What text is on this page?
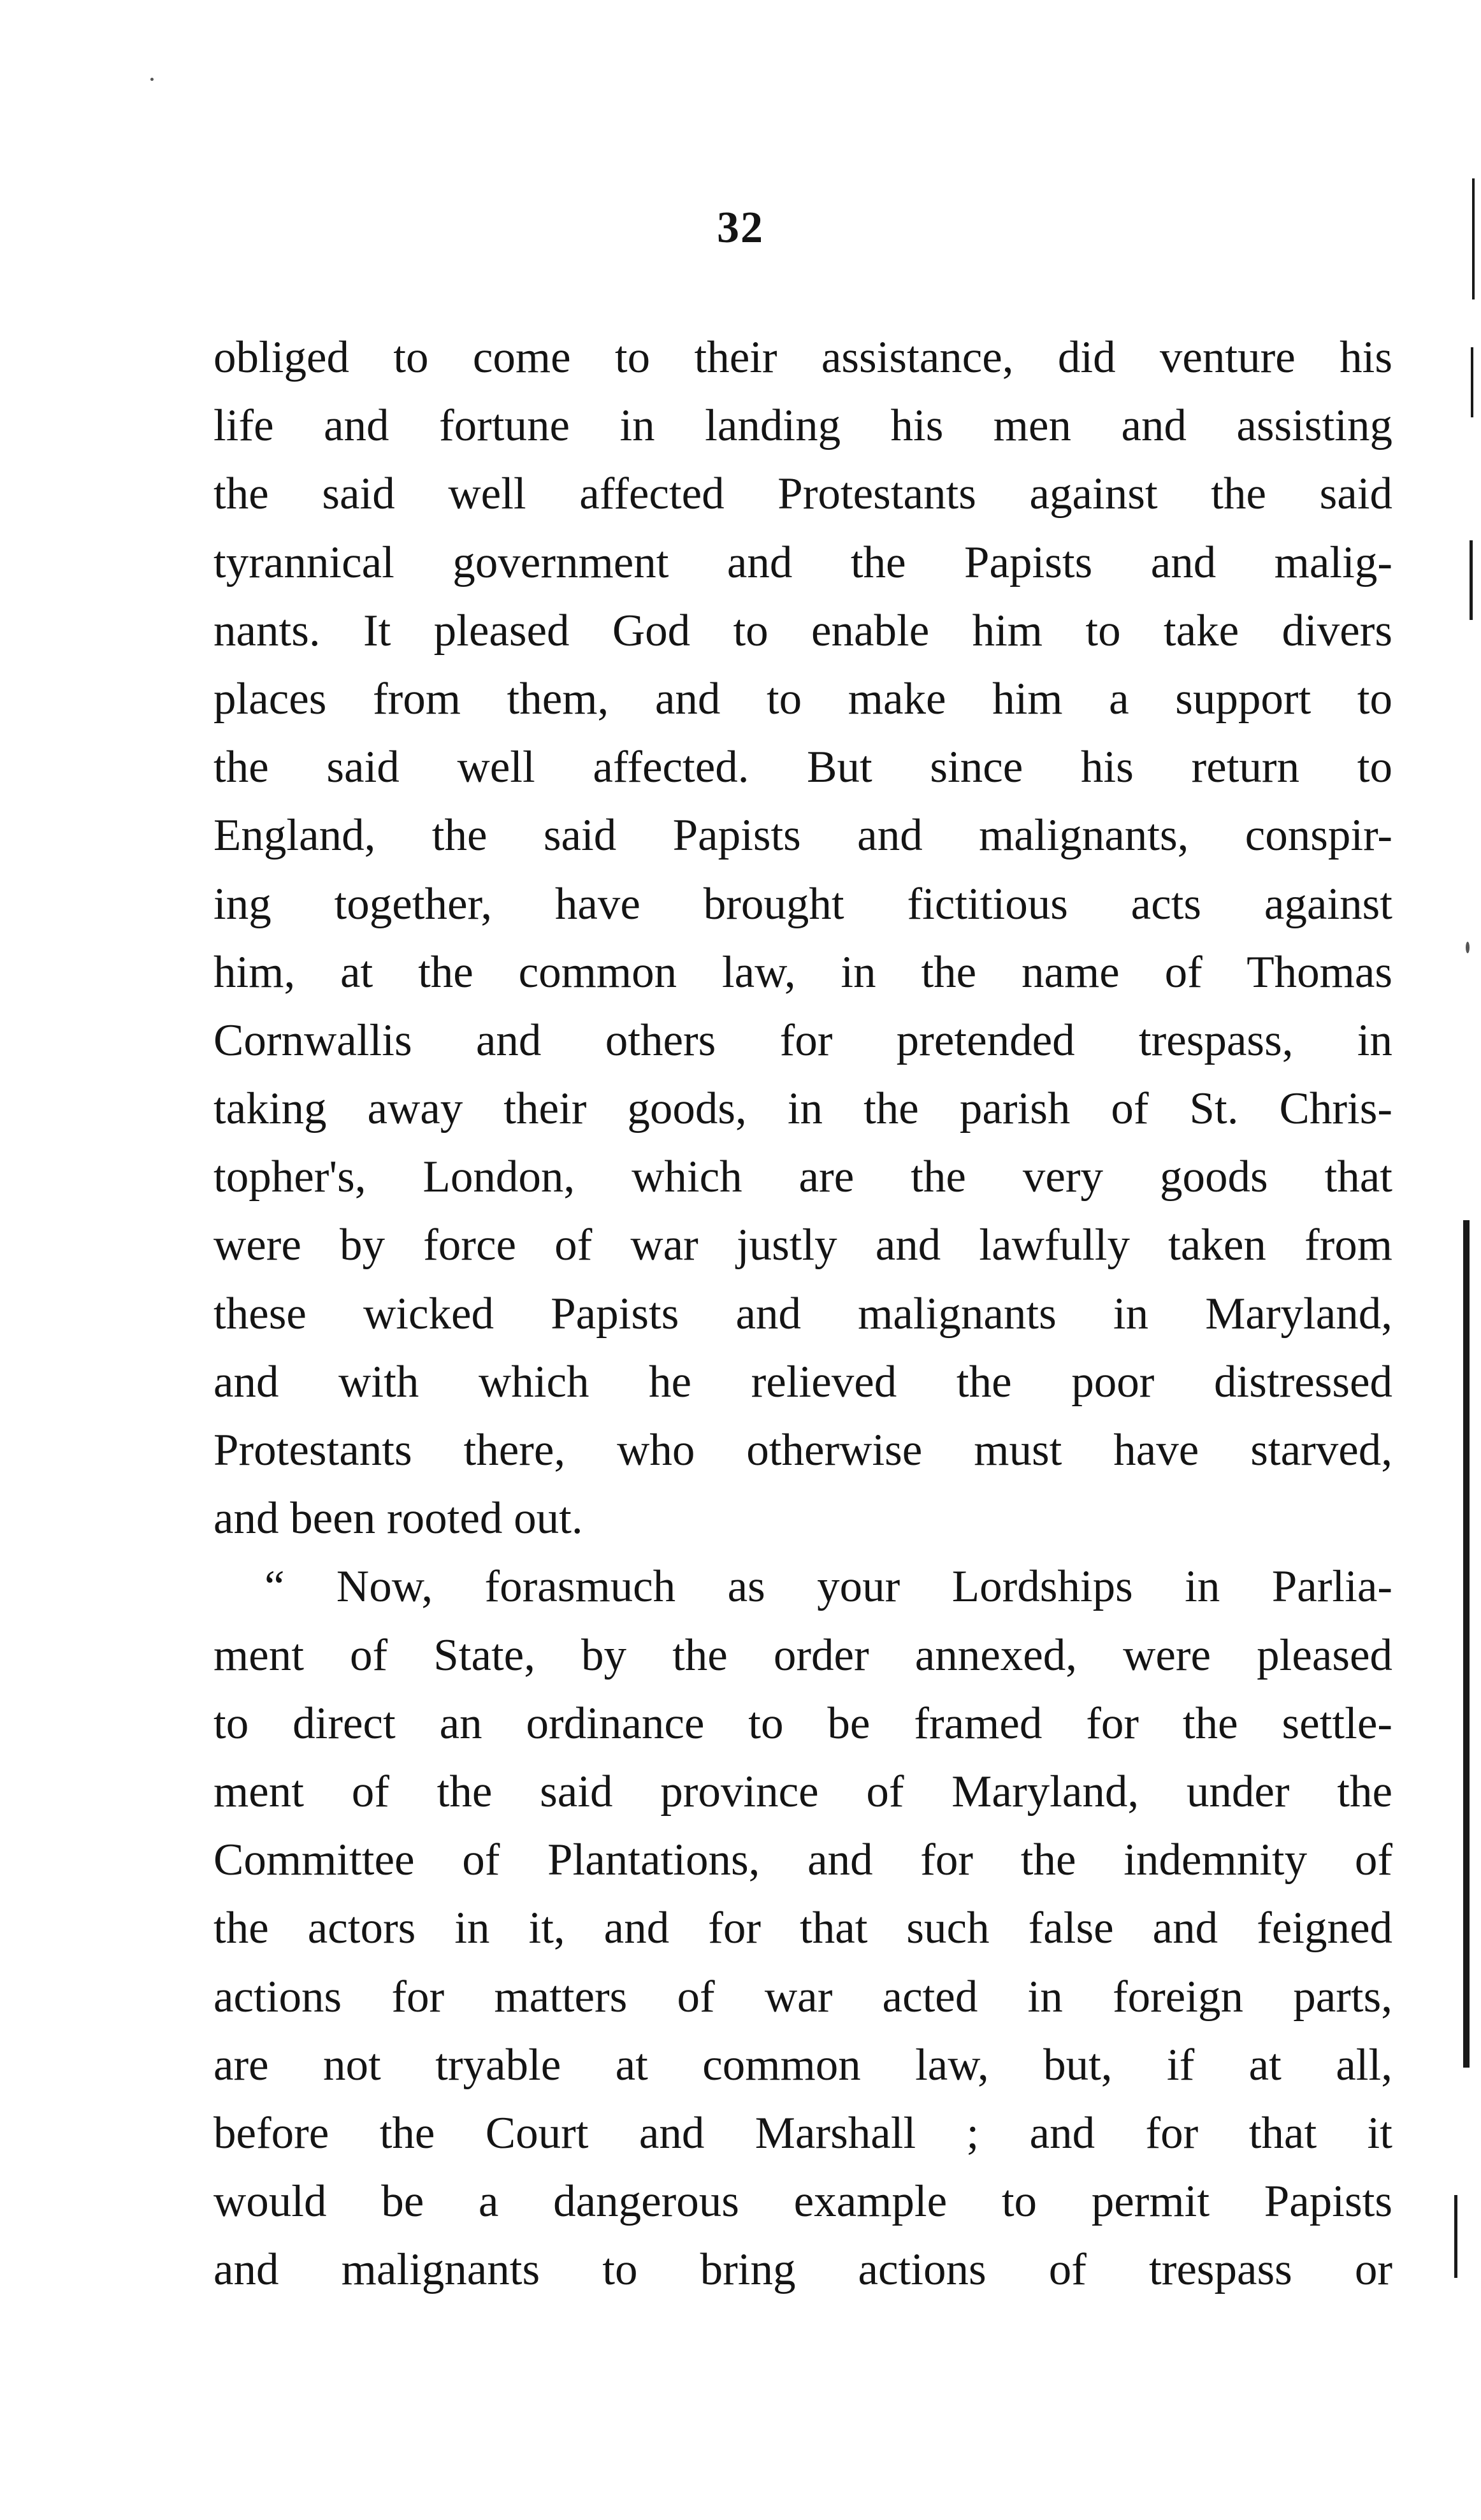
32
obliged to come to their assistance, did venture his
life and fortune in landing his men and assisting
the said well affected Protestants against the said
tyrannical government and the Papists and malig-
nants. It pleased God to enable him to take divers
places from them, and to make him a support to
the said well affected. But since his return to
England, the said Papists and malignants, conspir-
ing together, have brought fictitious acts against
him, at the common law, in the name of Thomas
Cornwallis and others for pretended trespass, in
taking away their goods, in the parish of St. Chris-
topher's, London, which are the very goods that
were by force of war justly and lawfully taken from
these wicked Papists and malignants in Maryland,
and with which he relieved the poor distressed
Protestants there, who otherwise must have starved,
and been rooted out.
“ Now, forasmuch as your Lordships in Parlia-
ment of State, by the order annexed, were pleased
to direct an ordinance to be framed for the settle-
ment of the said province of Maryland, under the
Committee of Plantations, and for the indemnity of
the actors in it, and for that such false and feigned
actions for matters of war acted in foreign parts,
are not tryable at common law, but, if at all,
before the Court and Marshall ; and for that it
would be a dangerous example to permit Papists
and malignants to bring actions of trespass or
